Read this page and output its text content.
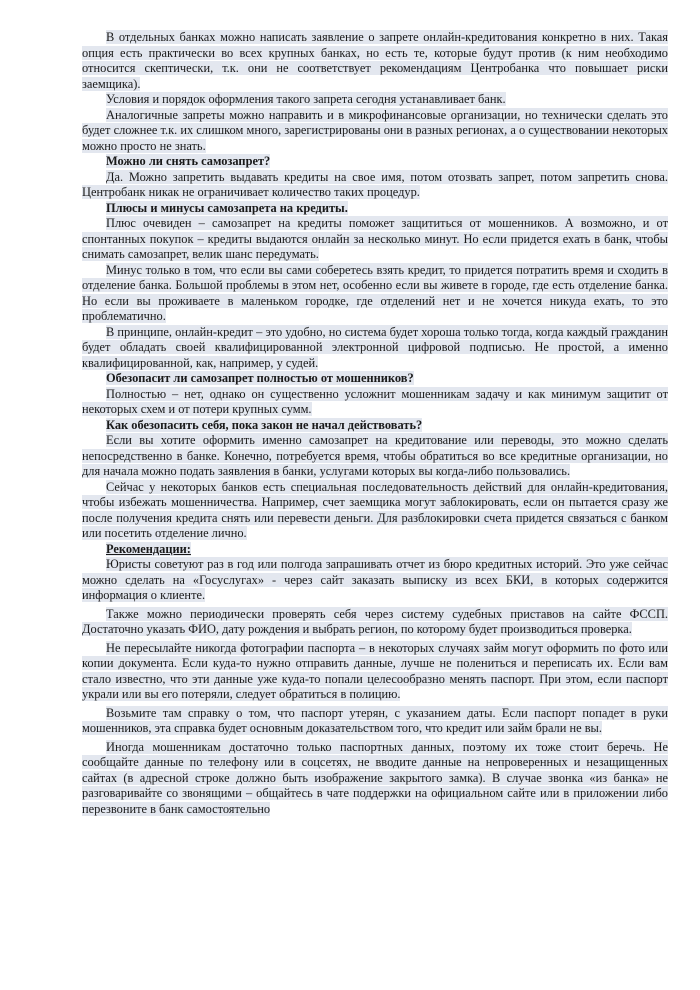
В отдельных банках можно написать заявление о запрете онлайн-кредитования конкретно в них. Такая опция есть практически во всех крупных банках, но есть те, которые будут против (к ним необходимо относится скептически, т.к. они не соответствует рекомендациям Центробанка что повышает риски заемщика).

Условия и порядок оформления такого запрета сегодня устанавливает банк.

Аналогичные запреты можно направить и в микрофинансовые организации, но технически сделать это будет сложнее т.к. их слишком много, зарегистрированы они в разных регионах, а о существовании некоторых можно просто не знать.

Можно ли снять самозапрет?

Да. Можно запретить выдавать кредиты на свое имя, потом отозвать запрет, потом запретить снова. Центробанк никак не ограничивает количество таких процедур.

Плюсы и минусы самозапрета на кредиты.

Плюс очевиден – самозапрет на кредиты поможет защититься от мошенников. А возможно, и от спонтанных покупок – кредиты выдаются онлайн за несколько минут. Но если придется ехать в банк, чтобы снимать самозапрет, велик шанс передумать.

Минус только в том, что если вы сами соберетесь взять кредит, то придется потратить время и сходить в отделение банка. Большой проблемы в этом нет, особенно если вы живете в городе, где есть отделение банка. Но если вы проживаете в маленьком городке, где отделений нет и не хочется никуда ехать, то это проблематично.

В принципе, онлайн-кредит – это удобно, но система будет хороша только тогда, когда каждый гражданин будет обладать своей квалифицированной электронной цифровой подписью. Не простой, а именно квалифицированной, как, например, у судей.

Обезопасит ли самозапрет полностью от мошенников?

Полностью – нет, однако он существенно усложнит мошенникам задачу и как минимум защитит от некоторых схем и от потери крупных сумм.

Как обезопасить себя, пока закон не начал действовать?

Если вы хотите оформить именно самозапрет на кредитование или переводы, это можно сделать непосредственно в банке. Конечно, потребуется время, чтобы обратиться во все кредитные организации, но для начала можно подать заявления в банки, услугами которых вы когда-либо пользовались.

Сейчас у некоторых банков есть специальная последовательность действий для онлайн-кредитования, чтобы избежать мошенничества. Например, счет заемщика могут заблокировать, если он пытается сразу же после получения кредита снять или перевести деньги. Для разблокировки счета придется связаться с банком или посетить отделение лично.

Рекомендации:

Юристы советуют раз в год или полгода запрашивать отчет из бюро кредитных историй. Это уже сейчас можно сделать на «Госуслугах» - через сайт заказать выписку из всех БКИ, в которых содержится информация о клиенте.

Также можно периодически проверять себя через систему судебных приставов на сайте ФССП. Достаточно указать ФИО, дату рождения и выбрать регион, по которому будет производиться проверка.

Не пересылайте никогда фотографии паспорта – в некоторых случаях займ могут оформить по фото или копии документа. Если куда-то нужно отправить данные, лучше не полениться и переписать их. Если вам стало известно, что эти данные уже куда-то попали целесообразно менять паспорт. При этом, если паспорт украли или вы его потеряли, следует обратиться в полицию.

Возьмите там справку о том, что паспорт утерян, с указанием даты. Если паспорт попадет в руки мошенников, эта справка будет основным доказательством того, что кредит или займ брали не вы.

Иногда мошенникам достаточно только паспортных данных, поэтому их тоже стоит беречь. Не сообщайте данные по телефону или в соцсетях, не вводите данные на непроверенных и незащищенных сайтах (в адресной строке должно быть изображение закрытого замка). В случае звонка «из банка» не разговаривайте со звонящими – общайтесь в чате поддержки на официальном сайте или в приложении либо перезвоните в банк самостоятельно
